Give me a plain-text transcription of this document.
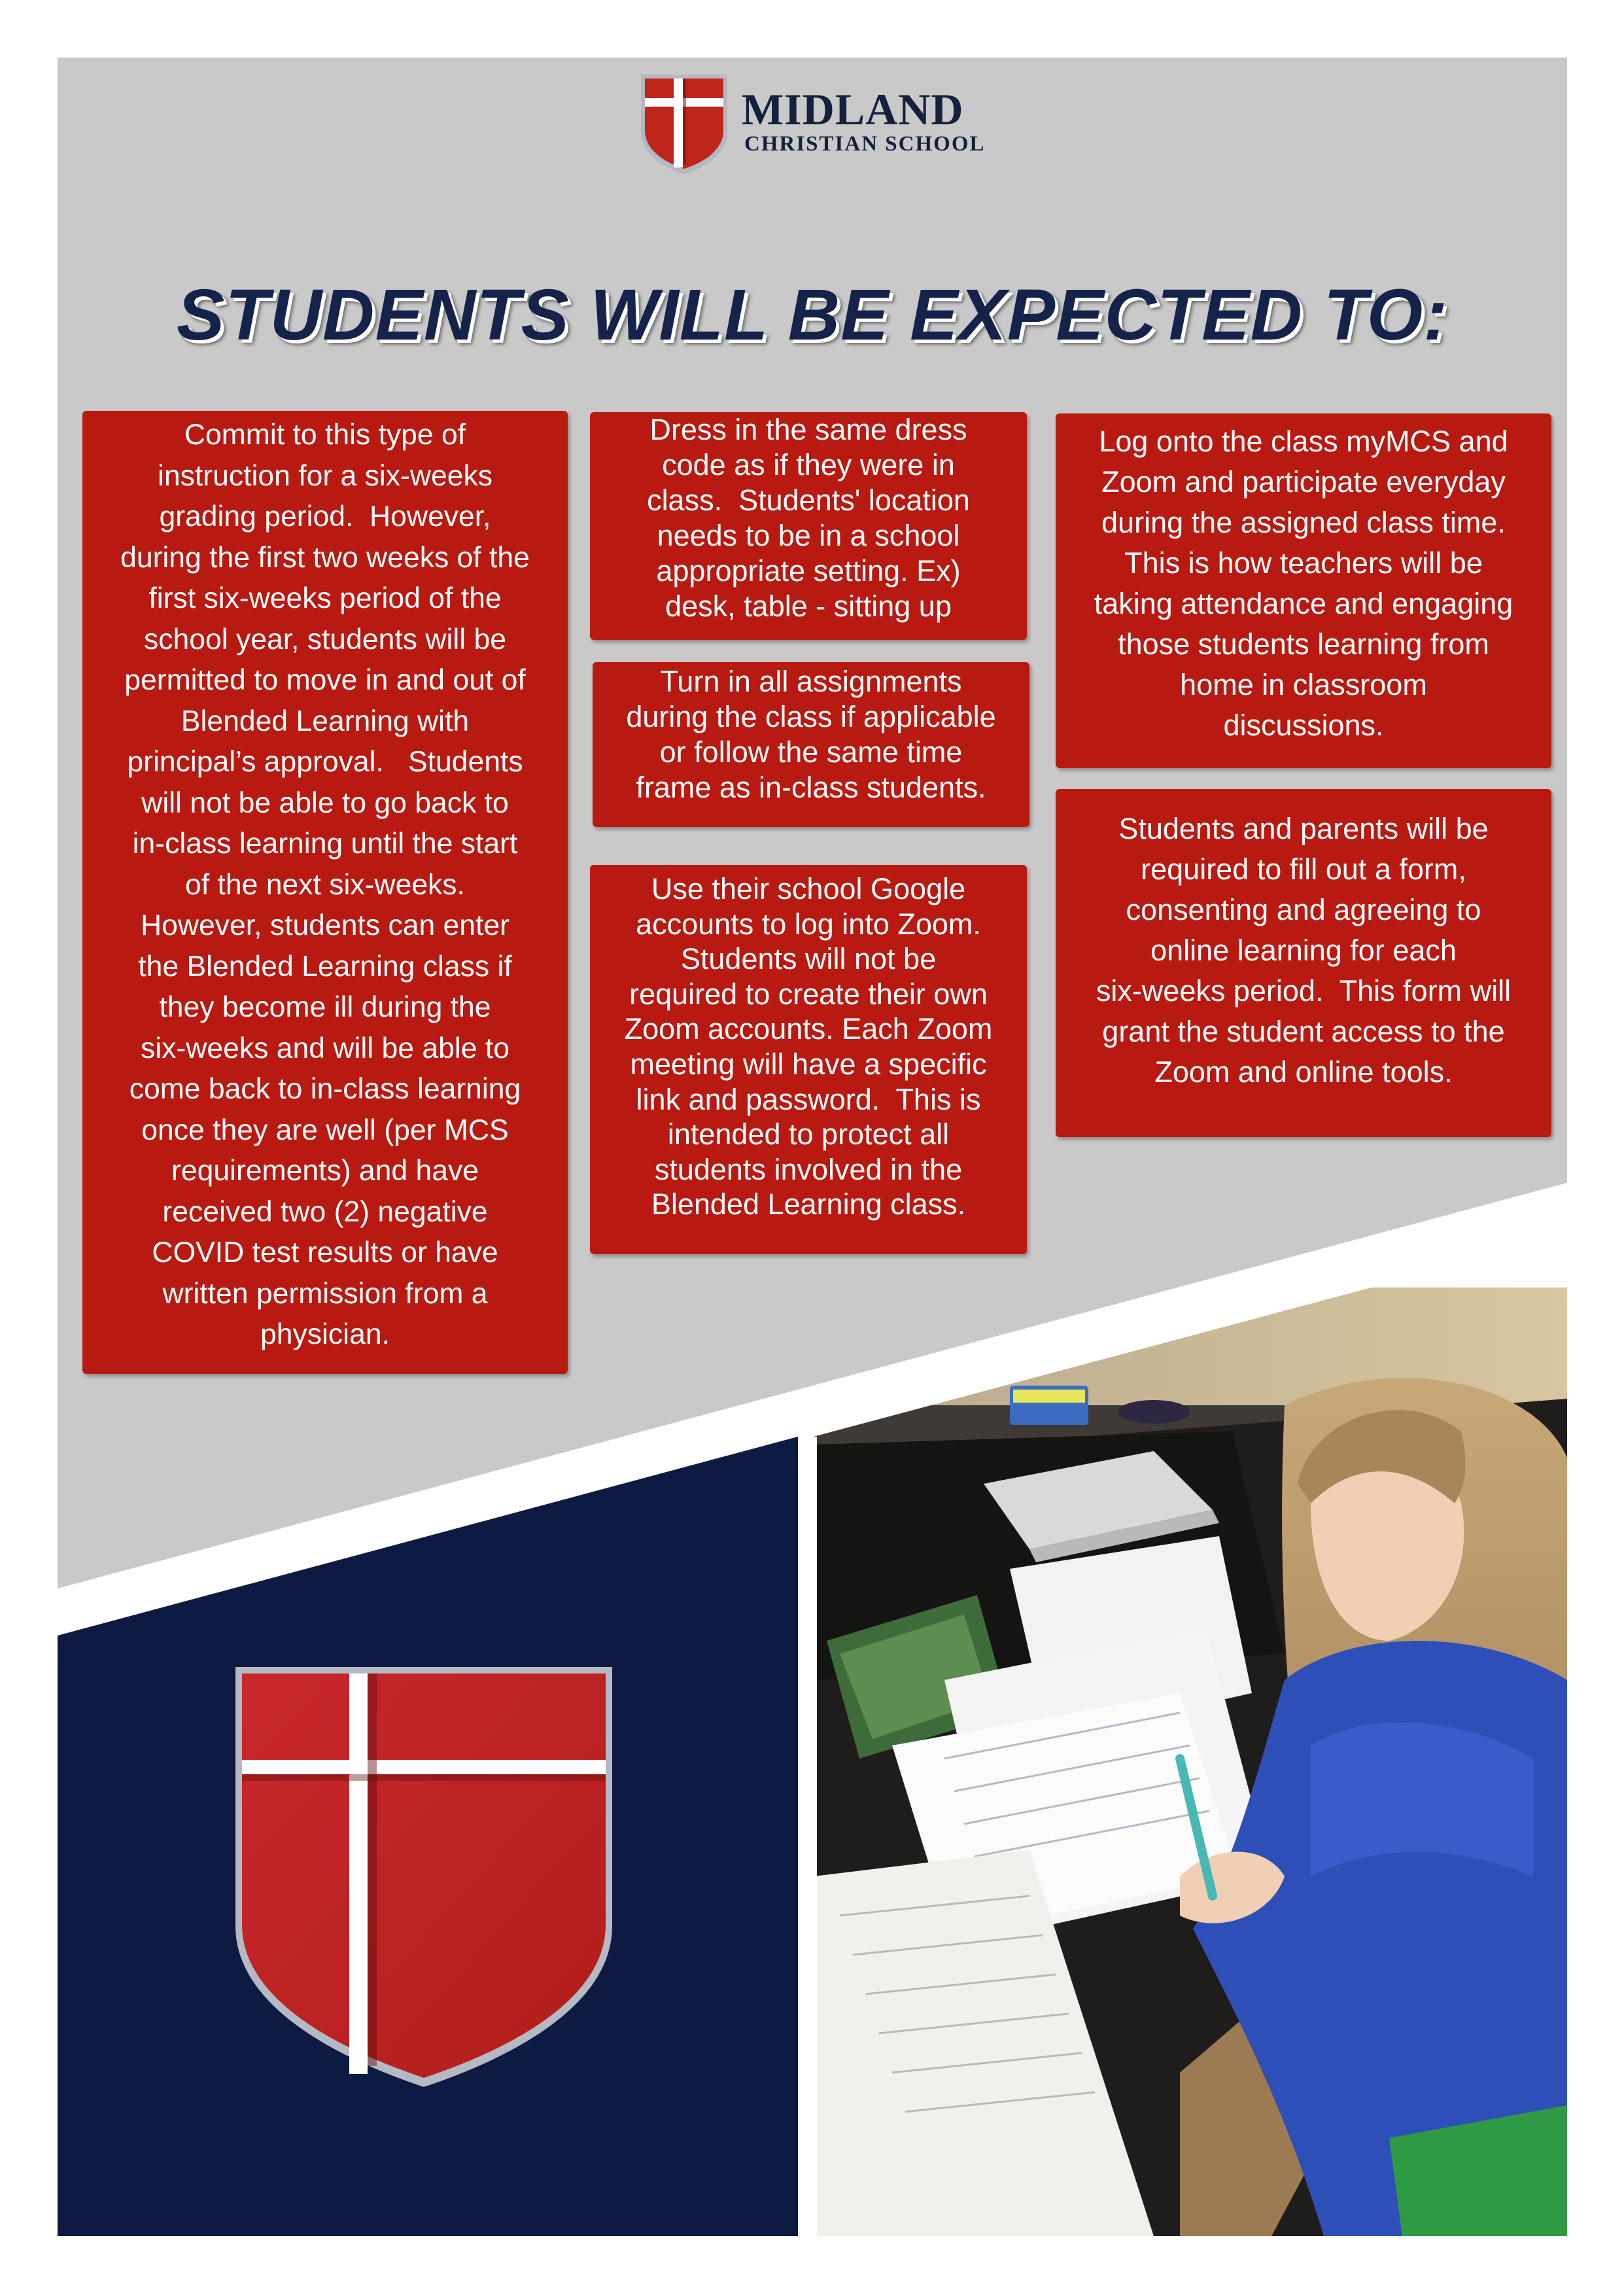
MIDLAND
CHRISTIAN SCHOOL
STUDENTS WILL BE EXPECTED TO:
Commit to this type of
instruction for a six-weeks
grading period.  However,
during the first two weeks of the
first six-weeks period of the
school year, students will be
permitted to move in and out of
Blended Learning with
principal’s approval.   Students
will not be able to go back to
in-class learning until the start
of the next six-weeks.
However, students can enter
the Blended Learning class if
they become ill during the
six-weeks and will be able to
come back to in-class learning
once they are well (per MCS
requirements) and have
received two (2) negative
COVID test results or have
written permission from a
physician.
Dress in the same dress
code as if they were in
class.  Students' location
needs to be in a school
appropriate setting. Ex)
desk, table - sitting up
Turn in all assignments
during the class if applicable
or follow the same time
frame as in-class students.
Use their school Google
accounts to log into Zoom.
Students will not be
required to create their own
Zoom accounts. Each Zoom
meeting will have a specific
link and password.  This is
intended to protect all
students involved in the
Blended Learning class.
Log onto the class myMCS and
Zoom and participate everyday
during the assigned class time.
This is how teachers will be
taking attendance and engaging
those students learning from
home in classroom
discussions.
Students and parents will be
required to fill out a form,
consenting and agreeing to
online learning for each
six-weeks period.  This form will
grant the student access to the
Zoom and online tools.
